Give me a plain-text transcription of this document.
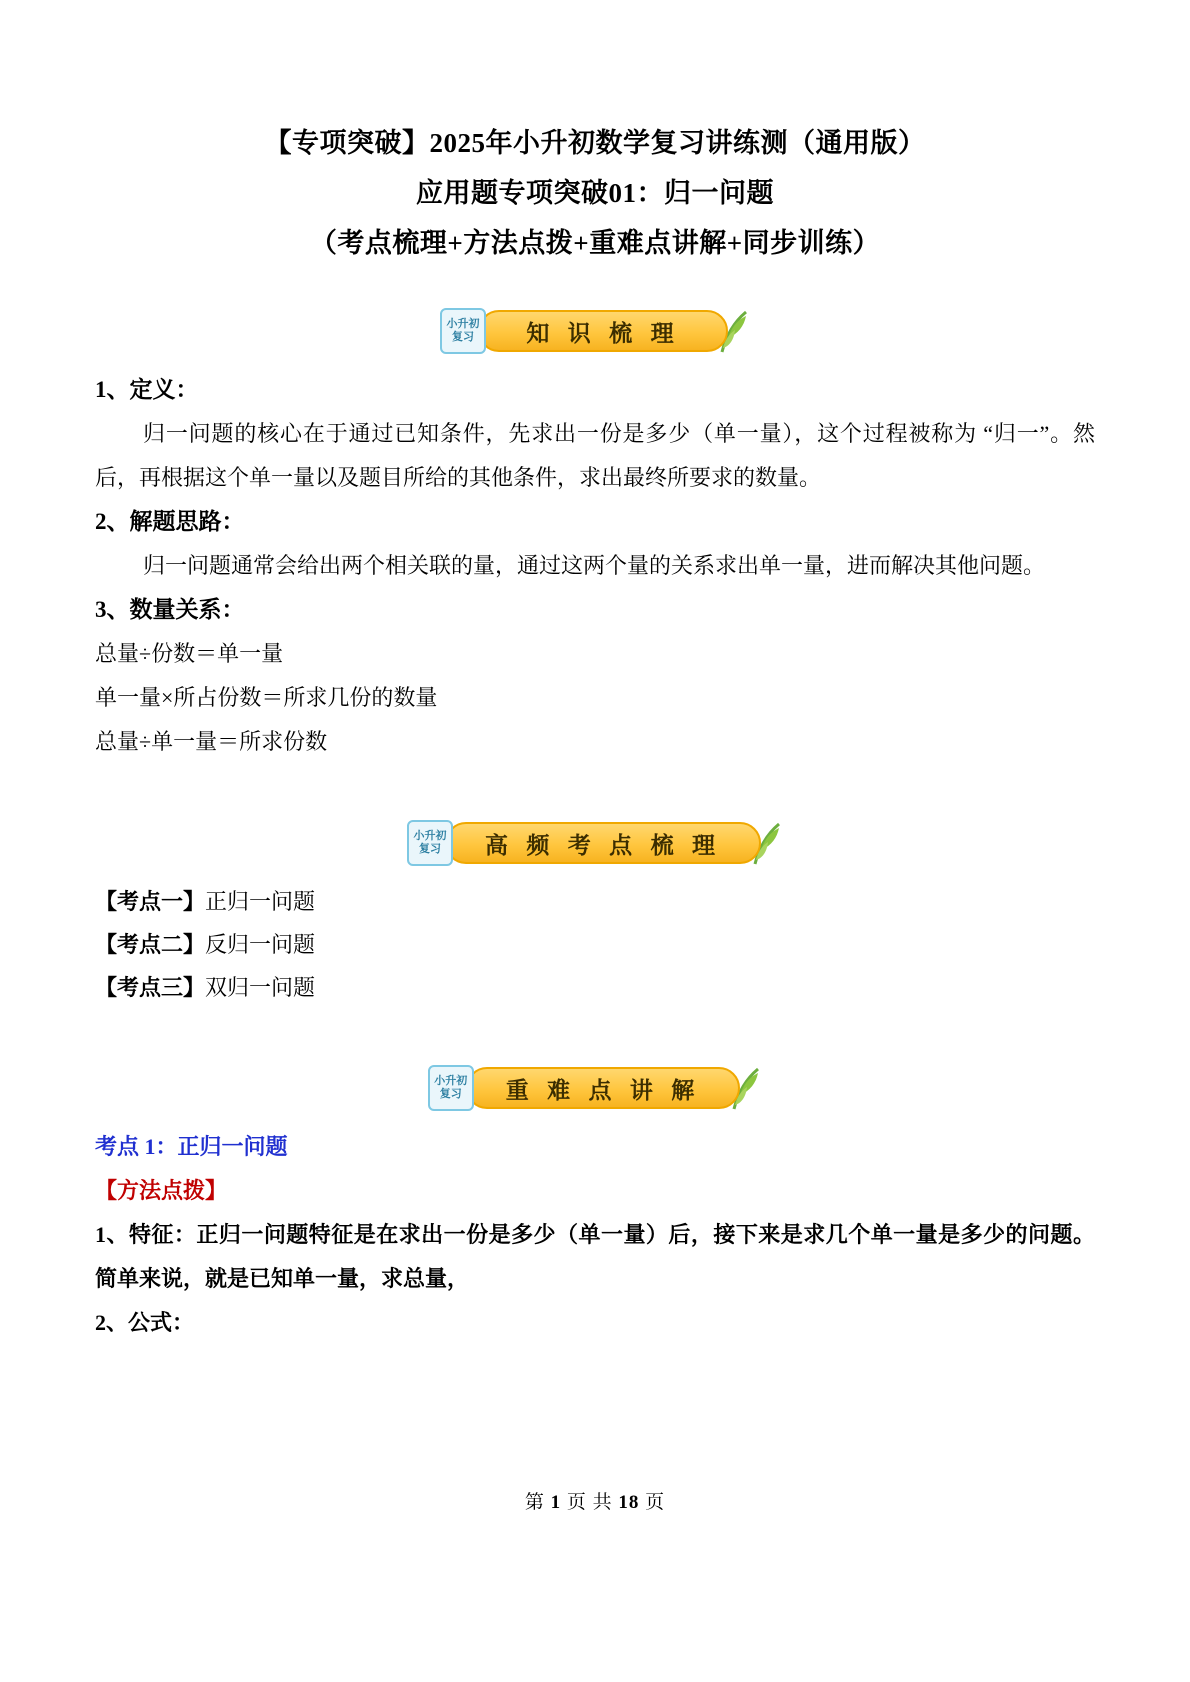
【专项突破】2025年小升初数学复习讲练测（通用版）
应用题专项突破01：归一问题
（考点梳理+方法点拨+重难点讲解+同步训练）
小升初
复习	知 识 梳 理

1、定义：

归一问题的核心在于通过已知条件，先求出一份是多少（单一量），这个过程被称为 “归一”。然后，再根据这个单一量以及题目所给的其他条件，求出最终所要求的数量。

2、解题思路：

归一问题通常会给出两个相关联的量，通过这两个量的关系求出单一量，进而解决其他问题。

3、数量关系：

总量÷份数＝单一量

单一量×所占份数＝所求几份的数量

总量÷单一量＝所求份数

小升初
复习	高 频 考 点 梳 理

【考点一】正归一问题

【考点二】反归一问题

【考点三】双归一问题

小升初
复习	重 难 点 讲 解

考点 1：正归一问题

【方法点拨】

1、特征：正归一问题特征是在求出一份是多少（单一量）后，接下来是求几个单一量是多少的问题。简单来说，就是已知单一量，求总量，

2、公式：

第 1 页 共 18 页
